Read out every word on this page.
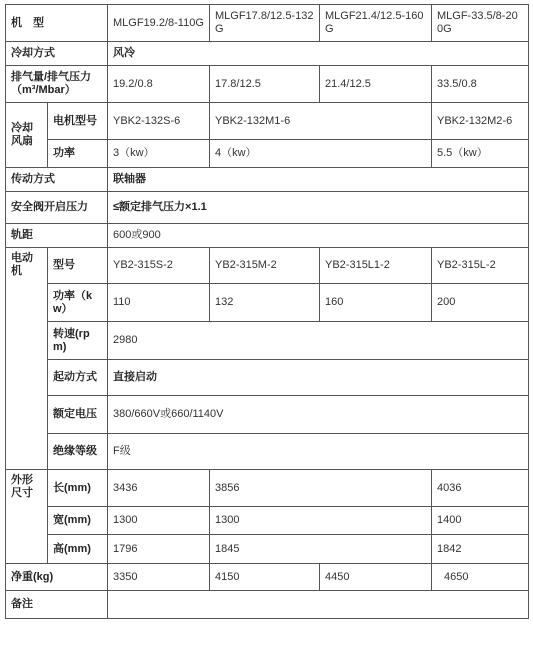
机　型		MLGF19.2/8-110G	MLGF17.8/12.5-132G	MLGF21.4/12.5-160G	MLGF-33.5/8-200G
冷却方式		风冷			
排气量/排气压力（m³/Mbar）		19.2/0.8	17.8/12.5	21.4/12.5	33.5/0.8
冷却风扇	电机型号	YBK2-132S-6	YBK2-132M1-6		YBK2-132M2-6
	功率	3（kw）	4（kw）		5.5（kw）
传动方式		联轴器			
安全阀开启压力		≤额定排气压力×1.1			
轨距		600或900			
电动机	型号	YB2-315S-2	YB2-315M-2	YB2-315L1-2	YB2-315L-2
	功率（kw）	110	132	160	200
	转速(rpm)	2980			
	起动方式	直接启动			
	额定电压	380/660V或660/1140V			
	绝缘等级	F级			
外形尺寸	长(mm)	3436	3856		4036
	宽(mm)	1300	1300		1400
	高(mm)	1796	1845		1842
净重(kg)		3350	4150	4450	4650
备注					
